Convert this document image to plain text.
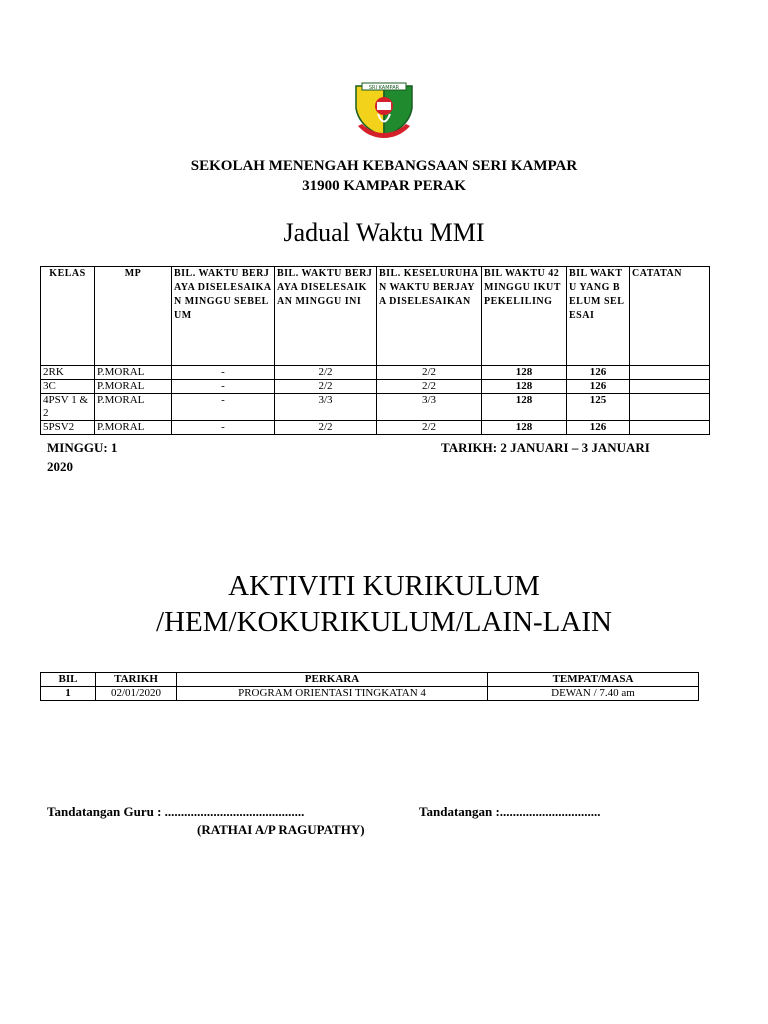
SRI KAMPAR
SEKOLAH MENENGAH KEBANGSAAN SERI KAMPAR
31900 KAMPAR PERAK
Jadual Waktu MMI
KELAS	MP	BIL. WAKTU BERJAYA DISELESAIKAN MINGGU SEBELUM	BIL. WAKTU BERJAYA DISELESAIKAN MINGGU INI	BIL. KESELURUHAN WAKTU BERJAYA DISELESAIKAN	BIL WAKTU 42 MINGGU IKUT PEKELILING	BIL WAKTU YANG BELUM SELESAI	CATATAN
2RK	P.MORAL	-	2/2	2/2	128	126	
3C	P.MORAL	-	2/2	2/2	128	126	
4PSV 1 & 2	P.MORAL	-	3/3	3/3	128	125	
5PSV2	P.MORAL	-	2/2	2/2	128	126	
MINGGU: 1	TARIKH: 2 JANUARI – 3 JANUARI
2020
AKTIVITI KURIKULUM
/HEM/KOKURIKULUM/LAIN-LAIN
BIL	TARIKH	PERKARA	TEMPAT/MASA
1	02/01/2020	PROGRAM ORIENTASI TINGKATAN 4	DEWAN / 7.40 am
Tandatangan Guru : ...........................................	Tandatangan :...............................
(RATHAI A/P RAGUPATHY)
